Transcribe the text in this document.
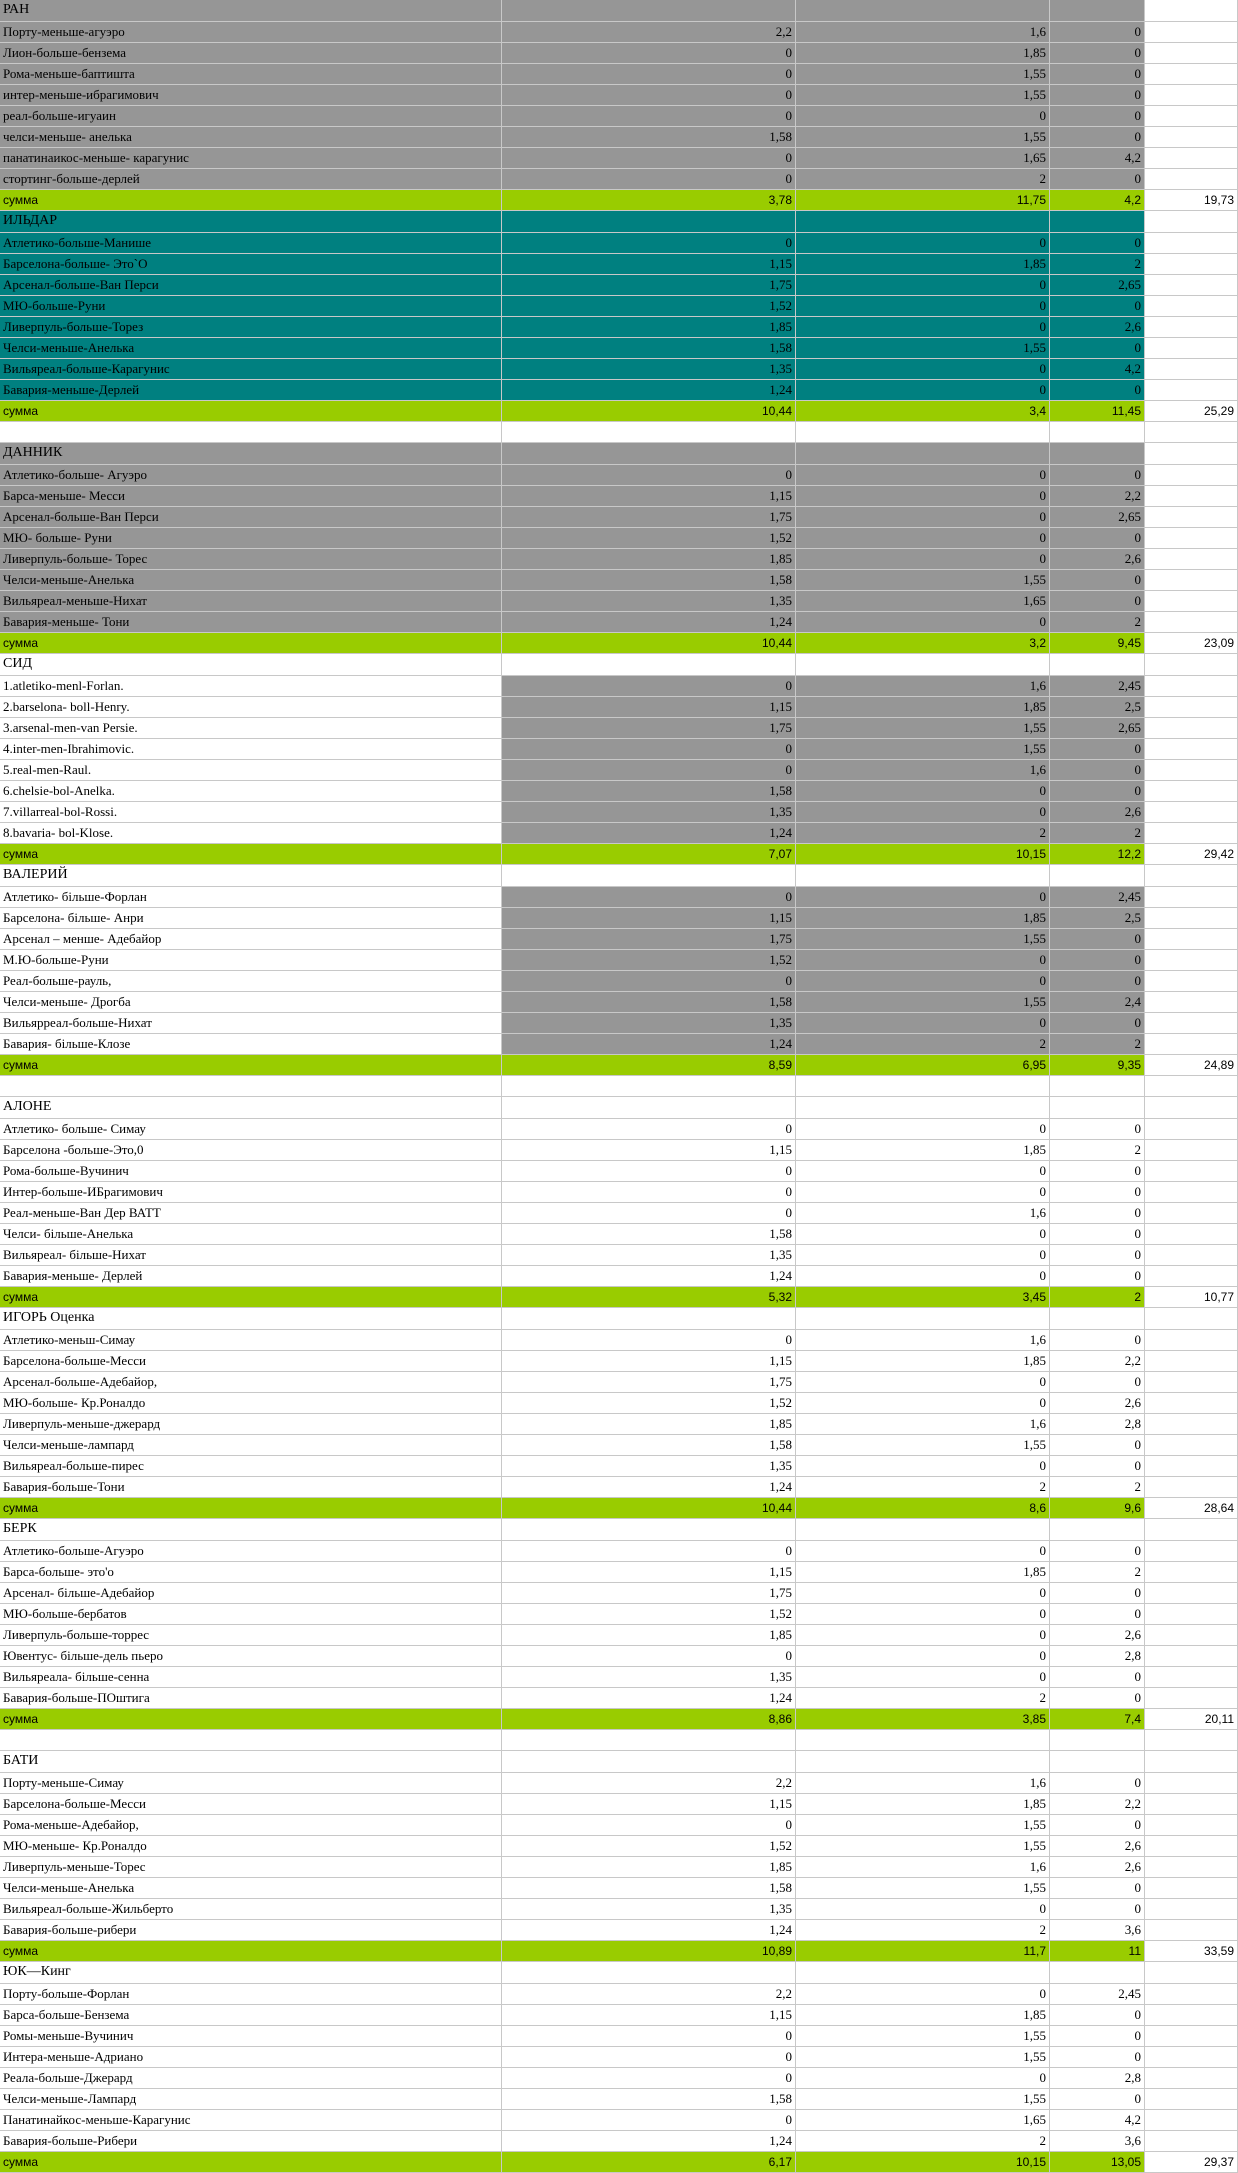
РАН
Порту-меньше-агуэро	2,2	1,6	0
Лион-больше-бензема	0	1,85	0
Рома-меньше-баптишта	0	1,55	0
интер-меньше-ибрагимович	0	1,55	0
реал-больше-игуаин	0	0	0
челси-меньше- анелька	1,58	1,55	0
панатинаикос-меньше- карагунис	0	1,65	4,2
стортинг-больше-дерлей	0	2	0
сумма	3,78	11,75	4,2	19,73
ИЛЬДАР
Атлетико-больше-Манише	0	0	0
Барселона-больше- Это`О	1,15	1,85	2
Арсенал-больше-Ван Перси	1,75	0	2,65
МЮ-больше-Руни	1,52	0	0
Ливерпуль-больше-Торез	1,85	0	2,6
Челси-меньше-Анелька	1,58	1,55	0
Вильяреал-больше-Карагунис	1,35	0	4,2
Бавария-меньше-Дерлей	1,24	0	0
сумма	10,44	3,4	11,45	25,29
ДАННИК
Атлетико-больше- Агуэро	0	0	0
Барса-меньше- Месси	1,15	0	2,2
Арсенал-больше-Ван Перси	1,75	0	2,65
МЮ- больше- Руни	1,52	0	0
Ливерпуль-больше- Торес	1,85	0	2,6
Челси-меньше-Анелька	1,58	1,55	0
Вильяреал-меньше-Нихат	1,35	1,65	0
Бавария-меньше- Тони	1,24	0	2
сумма	10,44	3,2	9,45	23,09
СИД
1.atletiko-menl-Forlan.	0	1,6	2,45
2.barselona- boll-Henry.	1,15	1,85	2,5
3.arsenal-men-van Persie.	1,75	1,55	2,65
4.inter-men-Ibrahimovic.	0	1,55	0
5.real-men-Raul.	0	1,6	0
6.chelsie-bol-Anelka.	1,58	0	0
7.villarreal-bol-Rossi.	1,35	0	2,6
8.bavaria- bol-Klose.	1,24	2	2
сумма	7,07	10,15	12,2	29,42
ВАЛЕРИЙ
Атлетико- більше-Форлан	0	0	2,45
Барселона- більше- Анри	1,15	1,85	2,5
Арсенал – менше- Адебайор	1,75	1,55	0
М.Ю-больше-Руни	1,52	0	0
Реал-больше-рауль,	0	0	0
Челси-меньше- Дрогба	1,58	1,55	2,4
Вильярреал-больше-Нихат	1,35	0	0
Бавария- більше-Клозе	1,24	2	2
сумма	8,59	6,95	9,35	24,89
АЛОНЕ
Атлетико- больше- Симау	0	0	0
Барселона -больше-Это,0	1,15	1,85	2
Рома-больше-Вучинич	0	0	0
Интер-больше-ИБрагимович	0	0	0
Реал-меньше-Ван Дер ВАТТ	0	1,6	0
Челси- більше-Анелька	1,58	0	0
Вильяреал- більше-Нихат	1,35	0	0
Бавария-меньше- Дерлей	1,24	0	0
сумма	5,32	3,45	2	10,77
ИГОРЬ Оценка
Атлетико-меньш-Симау	0	1,6	0
Барселона-больше-Месси	1,15	1,85	2,2
Арсенал-больше-Адебайор,	1,75	0	0
МЮ-больше- Кр.Роналдо	1,52	0	2,6
Ливерпуль-меньше-джерард	1,85	1,6	2,8
Челси-меньше-лампард	1,58	1,55	0
Вильяреал-больше-пирес	1,35	0	0
Бавария-больше-Тони	1,24	2	2
сумма	10,44	8,6	9,6	28,64
БЕРК
Атлетико-больше-Агуэро	0	0	0
Барса-больше- это'о	1,15	1,85	2
Арсенал- більше-Адебайор	1,75	0	0
МЮ-больше-бербатов	1,52	0	0
Ливерпуль-больше-торрес	1,85	0	2,6
Ювентус- більше-дель пьеро	0	0	2,8
Вильяреала- більше-сенна	1,35	0	0
Бавария-больше-ПОштига	1,24	2	0
сумма	8,86	3,85	7,4	20,11
БАТИ
Порту-меньше-Симау	2,2	1,6	0
Барселона-больше-Месси	1,15	1,85	2,2
Рома-меньше-Адебайор,	0	1,55	0
МЮ-меньше- Кр.Роналдо	1,52	1,55	2,6
Ливерпуль-меньше-Торес	1,85	1,6	2,6
Челси-меньше-Анелька	1,58	1,55	0
Вильяреал-больше-Жильберто	1,35	0	0
Бавария-больше-рибери	1,24	2	3,6
сумма	10,89	11,7	11	33,59
ЮК—Кинг
Порту-больше-Форлан	2,2	0	2,45
Барса-больше-Бензема	1,15	1,85	0
Ромы-меньше-Вучинич	0	1,55	0
Интера-меньше-Адриано	0	1,55	0
Реала-больше-Джерард	0	0	2,8
Челси-меньше-Лампард	1,58	1,55	0
Панатинайкос-меньше-Карагунис	0	1,65	4,2
Бавария-больше-Рибери	1,24	2	3,6
сумма	6,17	10,15	13,05	29,37
